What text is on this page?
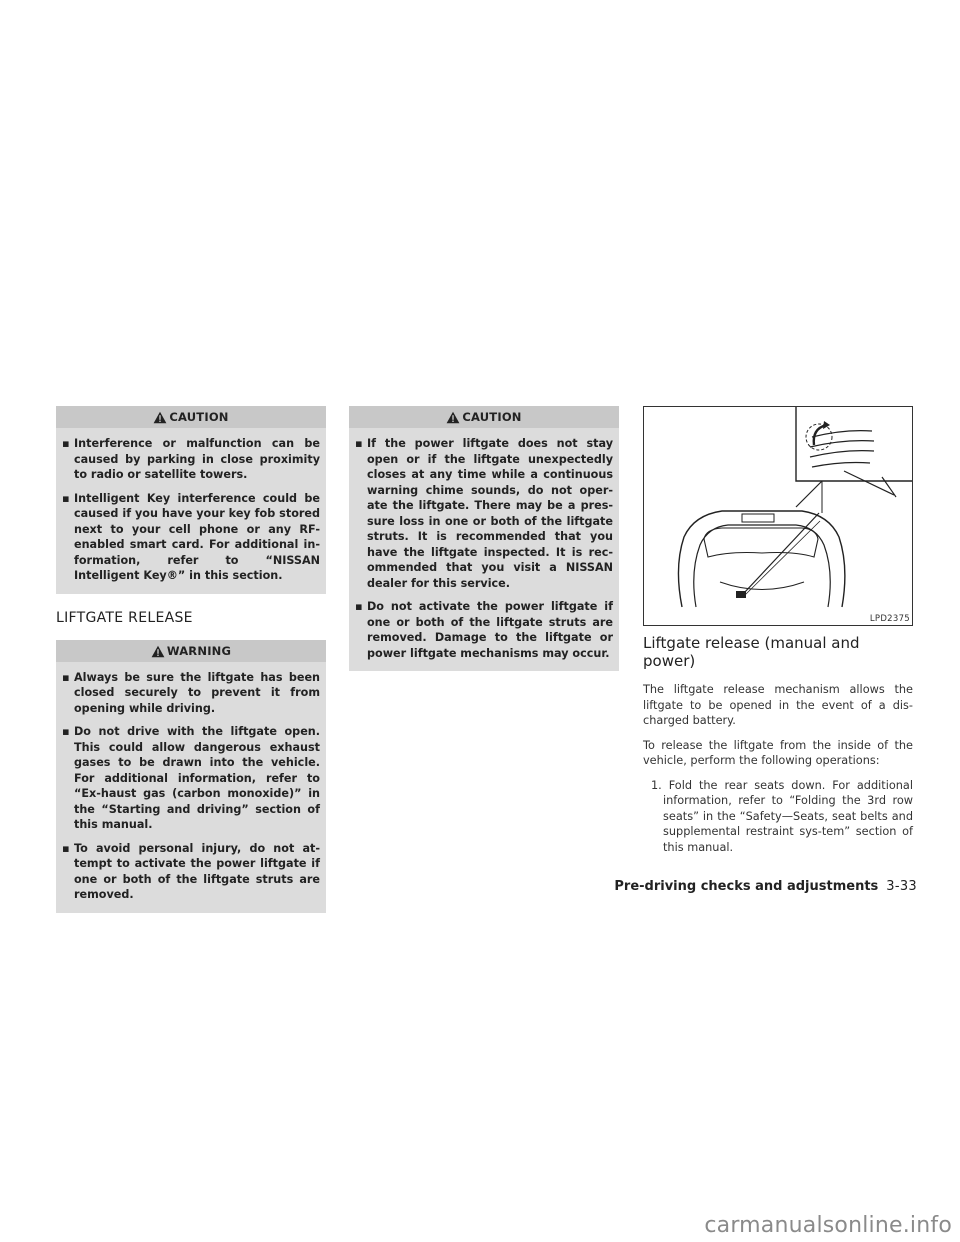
CAUTION
▪ Interference or malfunction can be caused by parking in close proximity to radio or satellite towers.
▪ Intelligent Key interference could be caused if you have your key fob stored next to your cell phone or any RF-enabled smart card. For additional in-formation, refer to “NISSAN Intelligent Key®” in this section.
LIFTGATE RELEASE
WARNING
▪ Always be sure the liftgate has been closed securely to prevent it from opening while driving.
▪ Do not drive with the liftgate open. This could allow dangerous exhaust gases to be drawn into the vehicle. For additional information, refer to “Ex-haust gas (carbon monoxide)” in the “Starting and driving” section of this manual.
▪ To avoid personal injury, do not at-tempt to activate the power liftgate if one or both of the liftgate struts are removed.
CAUTION
▪ If the power liftgate does not stay open or if the liftgate unexpectedly closes at any time while a continuous warning chime sounds, do not oper-ate the liftgate. There may be a pres-sure loss in one or both of the liftgate struts. It is recommended that you have the liftgate inspected. It is rec-ommended that you visit a NISSAN dealer for this service.
▪ Do not activate the power liftgate if one or both of the liftgate struts are removed. Damage to the liftgate or power liftgate mechanisms may occur.
LPD2375
Liftgate release (manual and power)

The liftgate release mechanism allows the liftgate to be opened in the event of a dis-charged battery.

To release the liftgate from the inside of the vehicle, perform the following operations:

1. Fold the rear seats down. For additional information, refer to “Folding the 3rd row seats” in the “Safety—Seats, seat belts and supplemental restraint sys-tem” section of this manual.
Pre-driving checks and adjustments 3-33
carmanualsonline.info
